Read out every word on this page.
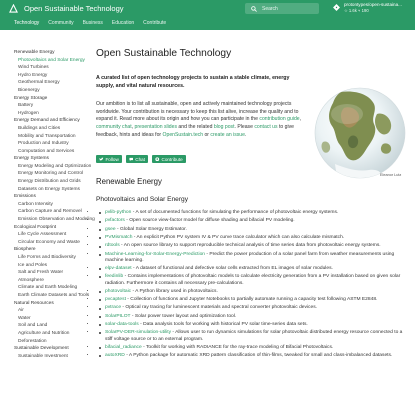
Open Sustainable Technology
Search	protontypes/open-sustaina...
☆ 1.6k ⑂ 190
Technology Community Business Education Contribute
Renewable Energy
Photovoltaics and Solar Energy
Wind Turbines
Hydro Energy
Geothermal Energy
Bioenergy
Energy Storage
Battery
Hydrogen
Energy Demand and Efficiency
Buildings and Cities
Mobility and Transportation
Production and Industry
Computation and Services
Energy Systems
Energy Modeling and Optimization
Energy Monitoring and Control
Energy Distribution and Grids
Datasets on Energy Systems
Emissions
Carbon Intensity
Carbon Capture and Removel
Emission Observation and Modeling
Ecological Footprint
Life Cycle Assessment
Circular Economy and Waste
Biosphere
Life Forms and Biodiversity
Ice and Poles
Salt and Fresh Water
Atmosphere
Climate and Earth Modeling
Earth Climate Datasets and Tools
Natural Resources
Air
Water
Soil and Land
Agriculture and Nutrition
Deforestation
Sustainable Development
Sustainable Investment
Open Sustainable Technology

A curated list of open technology projects to sustain a stable climate, energy supply, and vital natural resources.

Our ambition is to list all sustainable, open and actively maintained technology projects worldwide. Your contribution is necessary to keep this list alive, increase the quality and to expand it. Read more about its origin and how you can participate in the contribution guide, community chat, presentation slides and the related blog post. Please contact us to give feedback, hints and ideas for OpenSustain.tech or create an issue.

Eleanor Lutz
Follow	Chat	Contribute
Renewable Energy
Photovoltaics and Solar Energy
• pvlib-python - A set of documented functions for simulating the performance of photovoltaic energy systems.
• pvfactors - Open source view-factor model for diffuse shading and bifacial PV modeling.
• gsee - Global Solar Energy Estimator.
• PVMismatch - An explicit Python PV system IV & PV curve trace calculator which can also calculate mismatch.
• rdtools - An open source library to support reproducible technical analysis of time series data from photovoltaic energy systems.
• Machine-Learning-for-Solar-Energy-Prediction - Predict the power production of a solar panel farm from weather measurements using machine learning.
• elpv-dataset - A dataset of functional and defective solar cells extracted from EL images of solar modules.
• feedinlib - Contains implementations of photovoltaic models to calculate electricity generation from a PV installation based on given solar radiation. Furthermore it contains all necessary pre-calculations.
• photovoltaic - A Python library used in photovoltaics.
• pvcaptest - Collection of functions and Jupyter Notebooks to partially automate running a capacity test following ASTM E2848.
• pvtrace - Optical ray tracing for luminescent materials and spectral converter photovoltaic devices.
• SolarPILOT - Solar power tower layout and optimization tool.
• solar-data-tools - Data analysis tools for working with historical PV solar time-series data sets.
• SolarPV-DER-simulation-utility - Allows user to run dynamics simulations for solar photovoltaic distributed energy resource connected to a stiff voltage source or to an external program.
• bifacial_radiance - Toolkit for working with RADIANCE for the ray-trace modeling of Bifacial Photovoltaics.
• autoXRD - A Python package for automatic XRD pattern classification of thin-films, tweaked for small and class-imbalanced datasets.
